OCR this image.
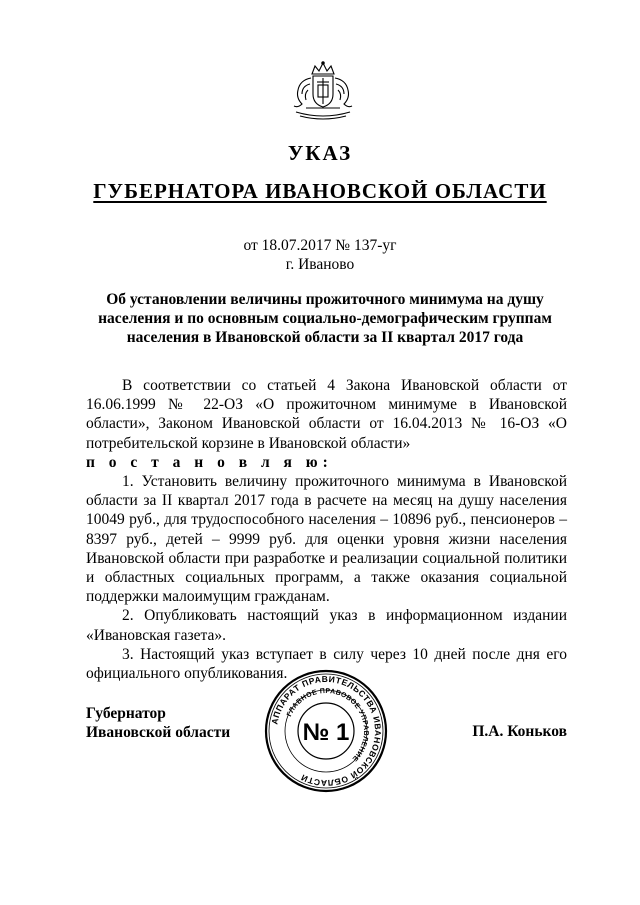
УКАЗ
ГУБЕРНАТОРА ИВАНОВСКОЙ ОБЛАСТИ
от 18.07.2017 № 137-уг
г. Иваново
Об установлении величины прожиточного минимума на душу
населения и по основным социально-демографическим группам
населения в Ивановской области за II квартал 2017 года

В соответствии со статьей 4 Закона Ивановской области от 16.06.1999 № 22-ОЗ «О прожиточном минимуме в Ивановской области», Законом Ивановской области от 16.04.2013 № 16-ОЗ «О потребительской корзине в Ивановской области»

п о с т а н о в л я ю:

1. Установить величину прожиточного минимума в Ивановской области за II квартал 2017 года в расчете на месяц на душу населения 10049 руб., для трудоспособного населения – 10896 руб., пенсионеров – 8397 руб., детей – 9999 руб. для оценки уровня жизни населения Ивановской области при разработке и реализации социальной политики и областных социальных программ, а также оказания социальной поддержки малоимущим гражданам.

2. Опубликовать настоящий указ в информационном издании «Ивановская газета».

3. Настоящий указ вступает в силу через 10 дней после дня его официального опубликования.

Губернатор
Ивановской области
АППАРАТ ПРАВИТЕЛЬСТВА ИВАНОВСКОЙ ОБЛАСТИ
ГЛАВНОЕ ПРАВОВОЕ УПРАВЛЕНИЕ
№ 1	П.А. Коньков
